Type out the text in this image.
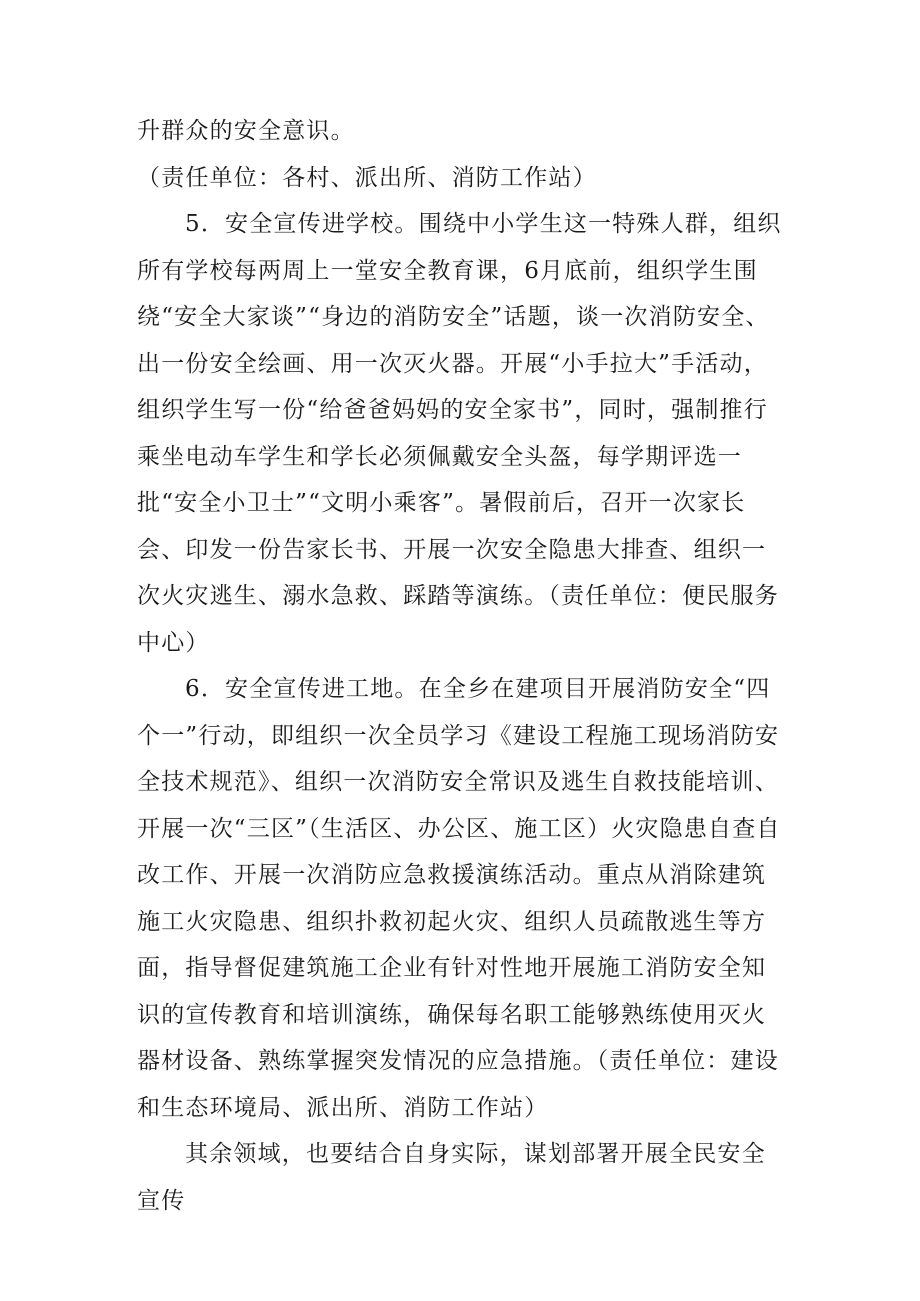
升群众的安全意识。

（责任单位：各村、派出所、消防工作站）

5．安全宣传进学校。围绕中小学生这一特殊人群，组织所有学校每两周上一堂安全教育课，6月底前，组织学生围绕“安全大家谈”“身边的消防安全”话题，谈一次消防安全、出一份安全绘画、用一次灭火器。开展“小手拉大”手活动，组织学生写一份“给爸爸妈妈的安全家书”，同时，强制推行乘坐电动车学生和学长必须佩戴安全头盔，每学期评选一批“安全小卫士”“文明小乘客”。暑假前后，召开一次家长会、印发一份告家长书、开展一次安全隐患大排查、组织一次火灾逃生、溺水急救、踩踏等演练。（责任单位：便民服务中心）

6．安全宣传进工地。在全乡在建项目开展消防安全“四个一”行动，即组织一次全员学习《建设工程施工现场消防安全技术规范》、组织一次消防安全常识及逃生自救技能培训、开展一次“三区”（生活区、办公区、施工区）火灾隐患自查自改工作、开展一次消防应急救援演练活动。重点从消除建筑施工火灾隐患、组织扑救初起火灾、组织人员疏散逃生等方面，指导督促建筑施工企业有针对性地开展施工消防安全知识的宣传教育和培训演练，确保每名职工能够熟练使用灭火器材设备、熟练掌握突发情况的应急措施。（责任单位：建设和生态环境局、派出所、消防工作站）

其余领域，也要结合自身实际，谋划部署开展全民安全宣传
